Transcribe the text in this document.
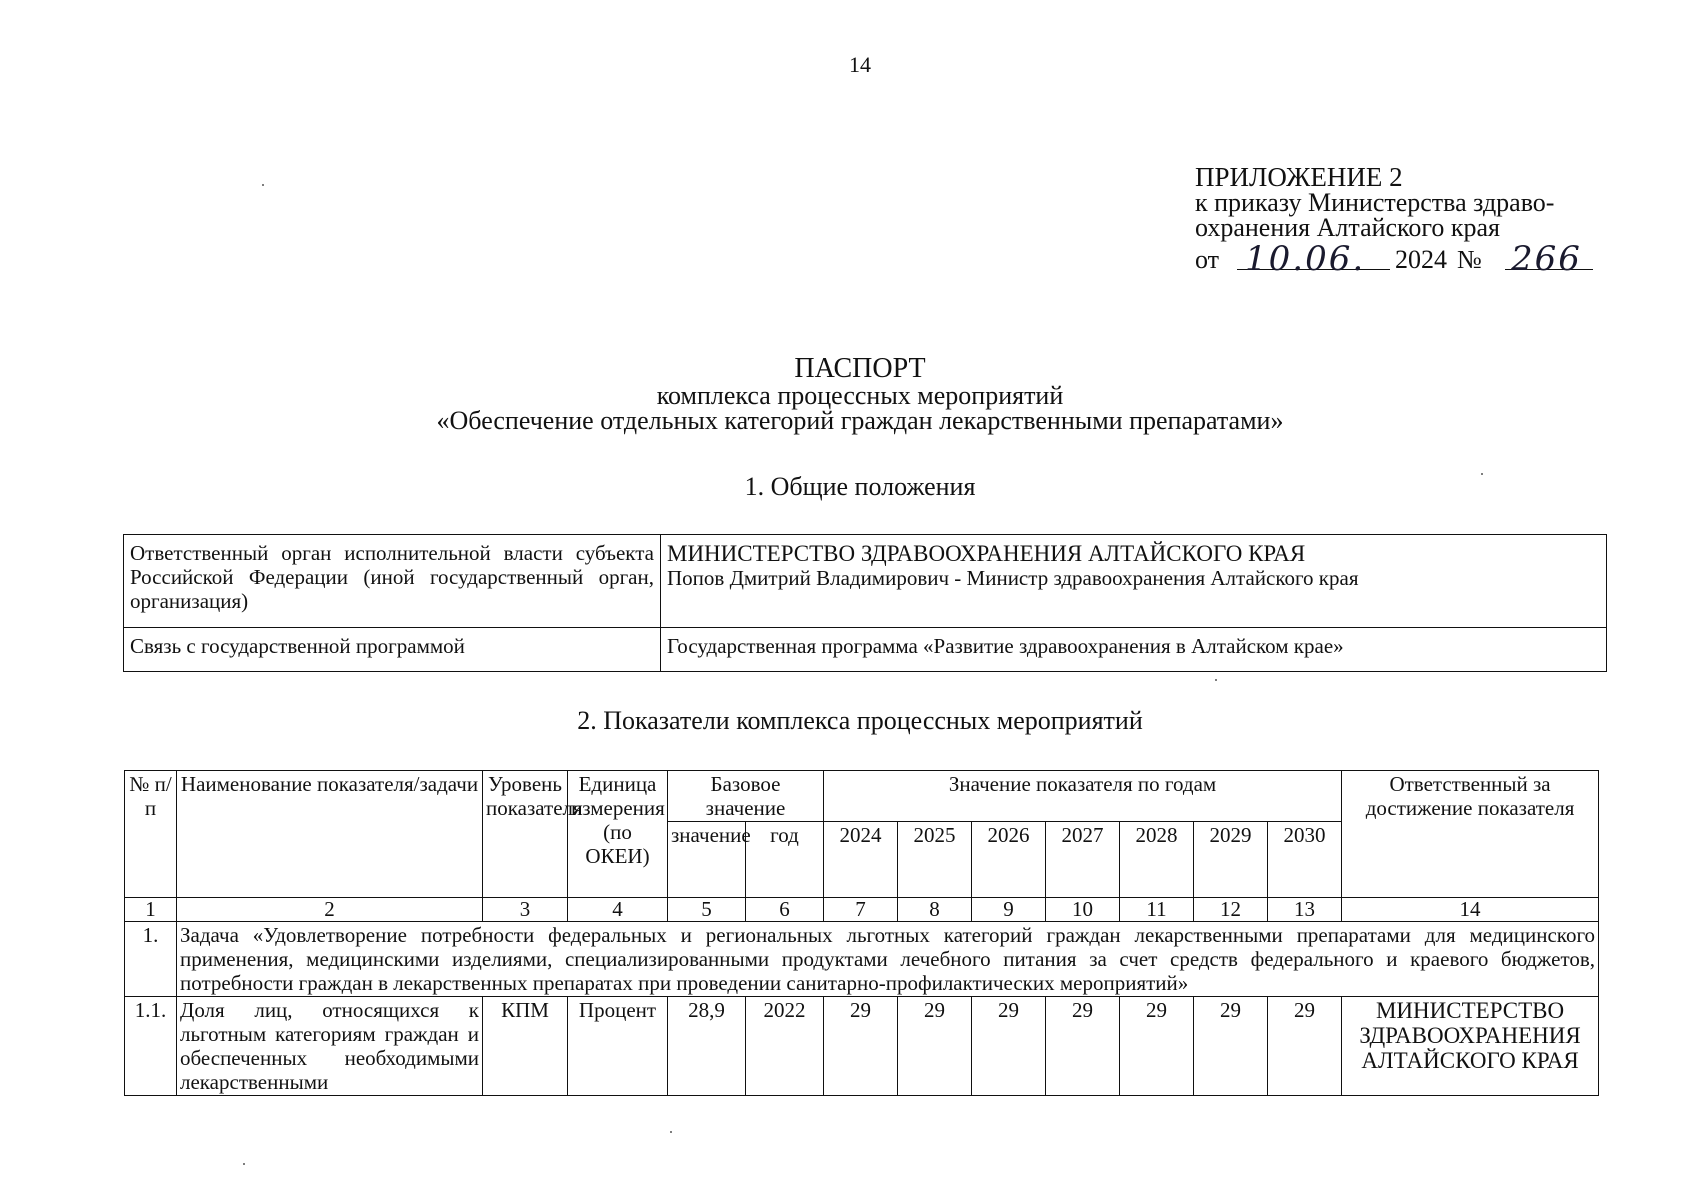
14
ПРИЛОЖЕНИЕ 2
к приказу Министерства здраво-
охранения Алтайского края
от 10.06. 2024 № 266
ПАСПОРТ
комплекса процессных мероприятий
«Обеспечение отдельных категорий граждан лекарственными препаратами»
1. Общие положения
Ответственный орган исполнительной власти субъекта Российской Федерации (иной государственный орган, организация)	МИНИСТЕРСТВО ЗДРАВООХРАНЕНИЯ АЛТАЙСКОГО КРАЯ
Попов Дмитрий Владимирович - Министр здравоохранения Алтайского края

Связь с государственной программой	Государственная программа «Развитие здравоохранения в Алтайском крае»
2. Показатели комплекса процессных мероприятий
№ п/п	Наименование показателя/задачи	Уровень показателя	Единица измерения (по ОКЕИ)	Базовое значение		Значение показателя по годам							Ответственный за достижение показателя
				значение	год	2024	2025	2026	2027	2028	2029	2030	
1	2	3	4	5	6	7	8	9	10	11	12	13	14
1.	Задача «Удовлетворение потребности федеральных и региональных льготных категорий граждан лекарственными препаратами для медицинского применения, медицинскими изделиями, специализированными продуктами лечебного питания за счет средств федерального и краевого бюджетов, потребности граждан в лекарственных препаратах при проведении санитарно-профилактических мероприятий»												
1.1.	Доля лиц, относящихся к льготным категориям граждан и обеспеченных необходимыми лекарственными	КПМ	Процент	28,9	2022	29	29	29	29	29	29	29	МИНИСТЕРСТВО ЗДРАВООХРАНЕНИЯ АЛТАЙСКОГО КРАЯ
